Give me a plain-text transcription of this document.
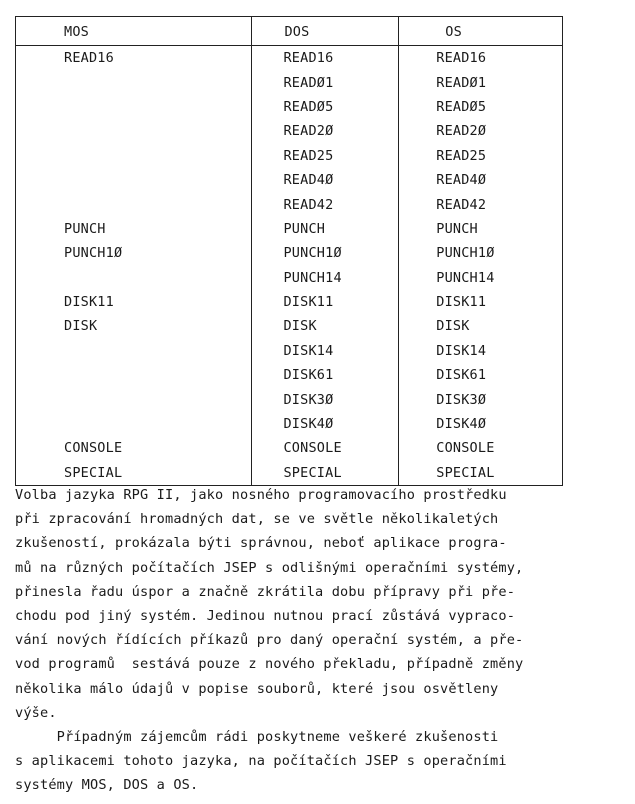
MOS	DOS	OS
READ16	READ16	READ16
	READØ1	READØ1
	READØ5	READØ5
	READ2Ø	READ2Ø
	READ25	READ25
	READ4Ø	READ4Ø
	READ42	READ42
PUNCH	PUNCH	PUNCH
PUNCH1Ø	PUNCH1Ø	PUNCH1Ø
	PUNCH14	PUNCH14
DISK11	DISK11	DISK11
DISK	DISK	DISK
	DISK14	DISK14
	DISK61	DISK61
	DISK3Ø	DISK3Ø
	DISK4Ø	DISK4Ø
CONSOLE	CONSOLE	CONSOLE
SPECIAL	SPECIAL	SPECIAL
Volba jazyka RPG II, jako nosného programovacího prostředku
při zpracování hromadných dat, se ve světle několikaletých
zkušeností, prokázala býti správnou, neboť aplikace progra-
mů na různých počítačích JSEP s odlišnými operačními systémy,
přinesla řadu úspor a značně zkrátila dobu přípravy při pře-
chodu pod jiný systém. Jedinou nutnou prací zůstává vypraco-
vání nových řídících příkazů pro daný operační systém, a pře-
vod programů  sestává pouze z nového překladu, případně změny
několika málo údajů v popise souborů, které jsou osvětleny
výše.
Případným zájemcům rádi poskytneme veškeré zkušenosti
s aplikacemi tohoto jazyka, na počítačích JSEP s operačními
systémy MOS, DOS a OS.
